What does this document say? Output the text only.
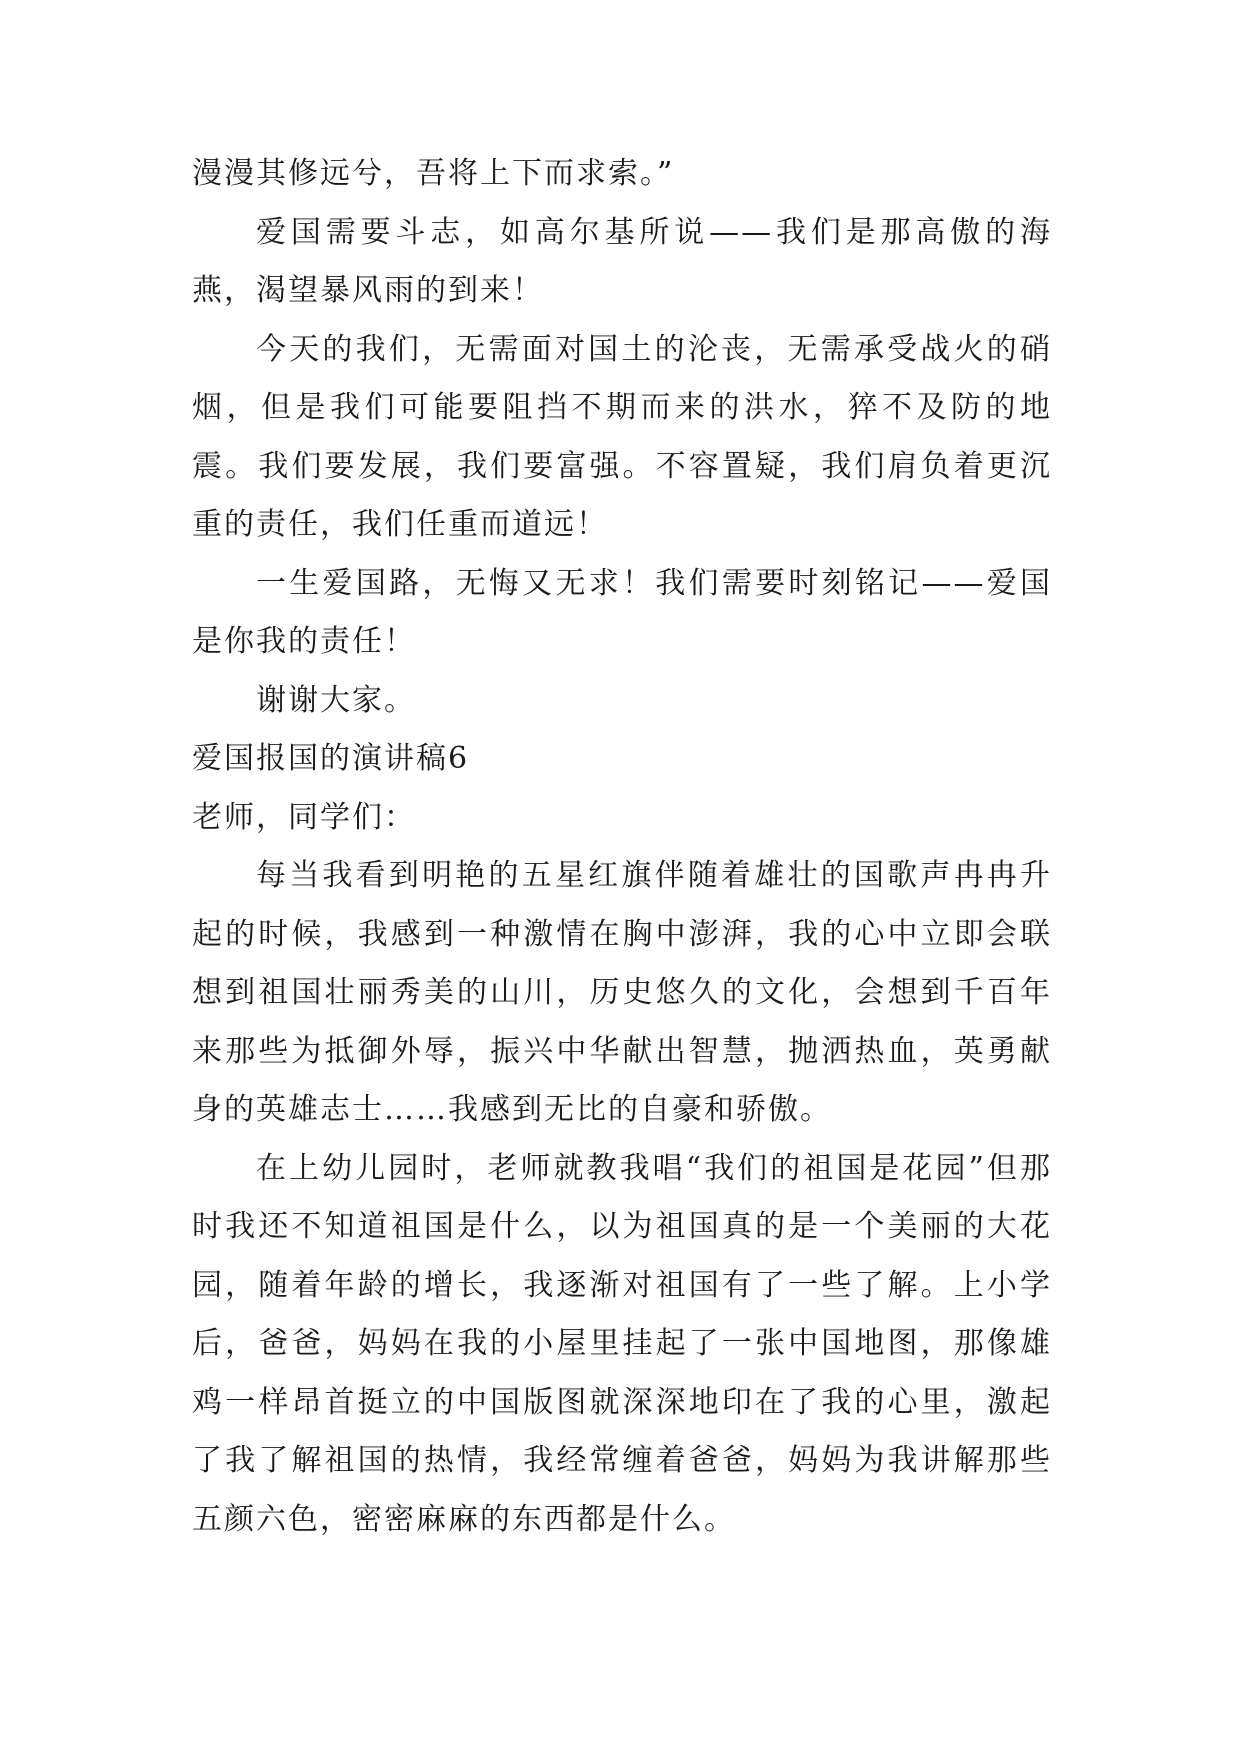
漫漫其修远兮，吾将上下而求索。”

爱国需要斗志，如高尔基所说——我们是那高傲的海燕，渴望暴风雨的到来！

今天的我们，无需面对国土的沦丧，无需承受战火的硝烟，但是我们可能要阻挡不期而来的洪水，猝不及防的地震。我们要发展，我们要富强。不容置疑，我们肩负着更沉重的责任，我们任重而道远！

一生爱国路，无悔又无求！我们需要时刻铭记——爱国是你我的责任！

谢谢大家。

爱国报国的演讲稿6

老师，同学们：

每当我看到明艳的五星红旗伴随着雄壮的国歌声冉冉升起的时候，我感到一种激情在胸中澎湃，我的心中立即会联想到祖国壮丽秀美的山川，历史悠久的文化，会想到千百年来那些为抵御外辱，振兴中华献出智慧，抛洒热血，英勇献身的英雄志士……我感到无比的自豪和骄傲。

在上幼儿园时，老师就教我唱“我们的祖国是花园”但那时我还不知道祖国是什么，以为祖国真的是一个美丽的大花园，随着年龄的增长，我逐渐对祖国有了一些了解。上小学后，爸爸，妈妈在我的小屋里挂起了一张中国地图，那像雄鸡一样昂首挺立的中国版图就深深地印在了我的心里，激起了我了解祖国的热情，我经常缠着爸爸，妈妈为我讲解那些五颜六色，密密麻麻的东西都是什么。
